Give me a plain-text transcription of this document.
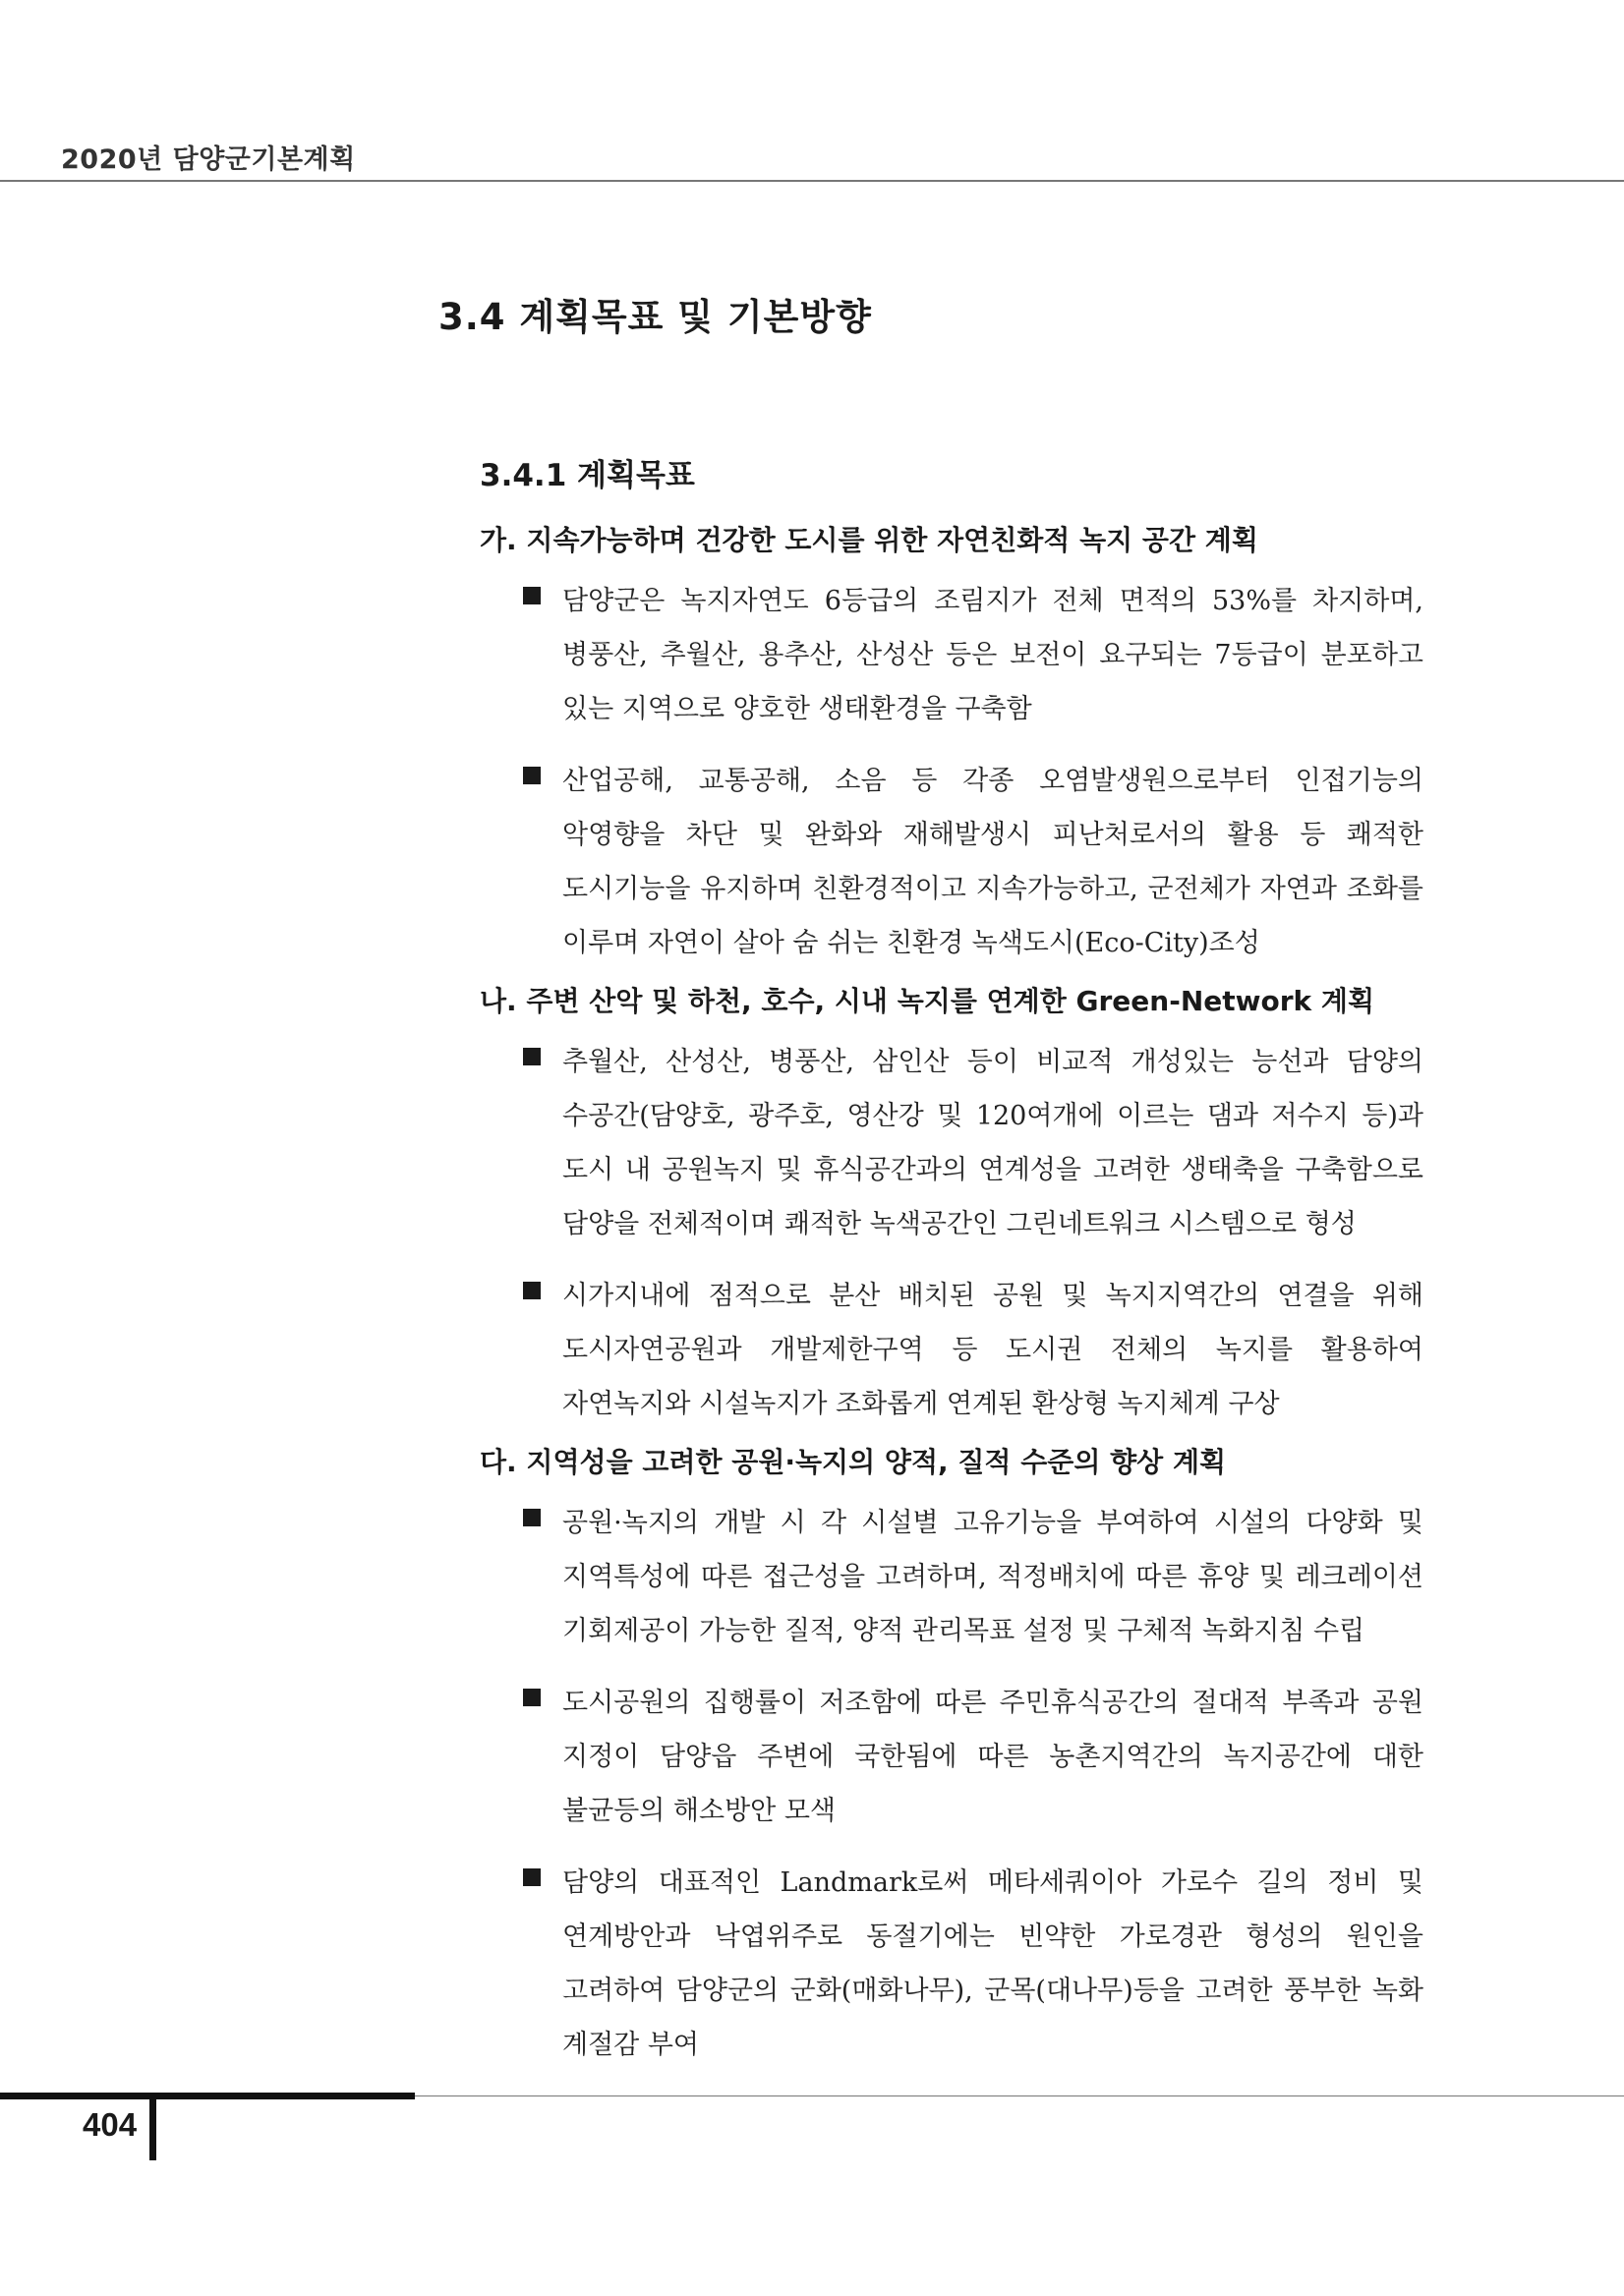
2020년 담양군기본계획
3.4 계획목표 및 기본방향
3.4.1 계획목표
가. 지속가능하며 건강한 도시를 위한 자연친화적 녹지 공간 계획
담양군은 녹지자연도 6등급의 조림지가 전체 면적의 53%를 차지하며, 병풍산, 추월산, 용추산, 산성산 등은 보전이 요구되는 7등급이 분포하고 있는 지역으로 양호한 생태환경을 구축함
산업공해, 교통공해, 소음 등 각종 오염발생원으로부터 인접기능의 악영향을 차단 및 완화와 재해발생시 피난처로서의 활용 등 쾌적한 도시기능을 유지하며 친환경적이고 지속가능하고, 군전체가 자연과 조화를 이루며 자연이 살아 숨 쉬는 친환경 녹색도시(Eco-City)조성
나. 주변 산악 및 하천, 호수, 시내 녹지를 연계한 Green-Network 계획
추월산, 산성산, 병풍산, 삼인산 등이 비교적 개성있는 능선과 담양의 수공간(담양호, 광주호, 영산강 및 120여개에 이르는 댐과 저수지 등)과 도시 내 공원녹지 및 휴식공간과의 연계성을 고려한 생태축을 구축함으로 담양을 전체적이며 쾌적한 녹색공간인 그린네트워크 시스템으로 형성
시가지내에 점적으로 분산 배치된 공원 및 녹지지역간의 연결을 위해 도시자연공원과 개발제한구역 등 도시권 전체의 녹지를 활용하여 자연녹지와 시설녹지가 조화롭게 연계된 환상형 녹지체계 구상
다. 지역성을 고려한 공원·녹지의 양적, 질적 수준의 향상 계획
공원·녹지의 개발 시 각 시설별 고유기능을 부여하여 시설의 다양화 및 지역특성에 따른 접근성을 고려하며, 적정배치에 따른 휴양 및 레크레이션 기회제공이 가능한 질적, 양적 관리목표 설정 및 구체적 녹화지침 수립
도시공원의 집행률이 저조함에 따른 주민휴식공간의 절대적 부족과 공원 지정이 담양읍 주변에 국한됨에 따른 농촌지역간의 녹지공간에 대한 불균등의 해소방안 모색
담양의 대표적인 Landmark로써 메타세쿼이아 가로수 길의 정비 및 연계방안과 낙엽위주로 동절기에는 빈약한 가로경관 형성의 원인을 고려하여 담양군의 군화(매화나무), 군목(대나무)등을 고려한 풍부한 녹화 계절감 부여
404
